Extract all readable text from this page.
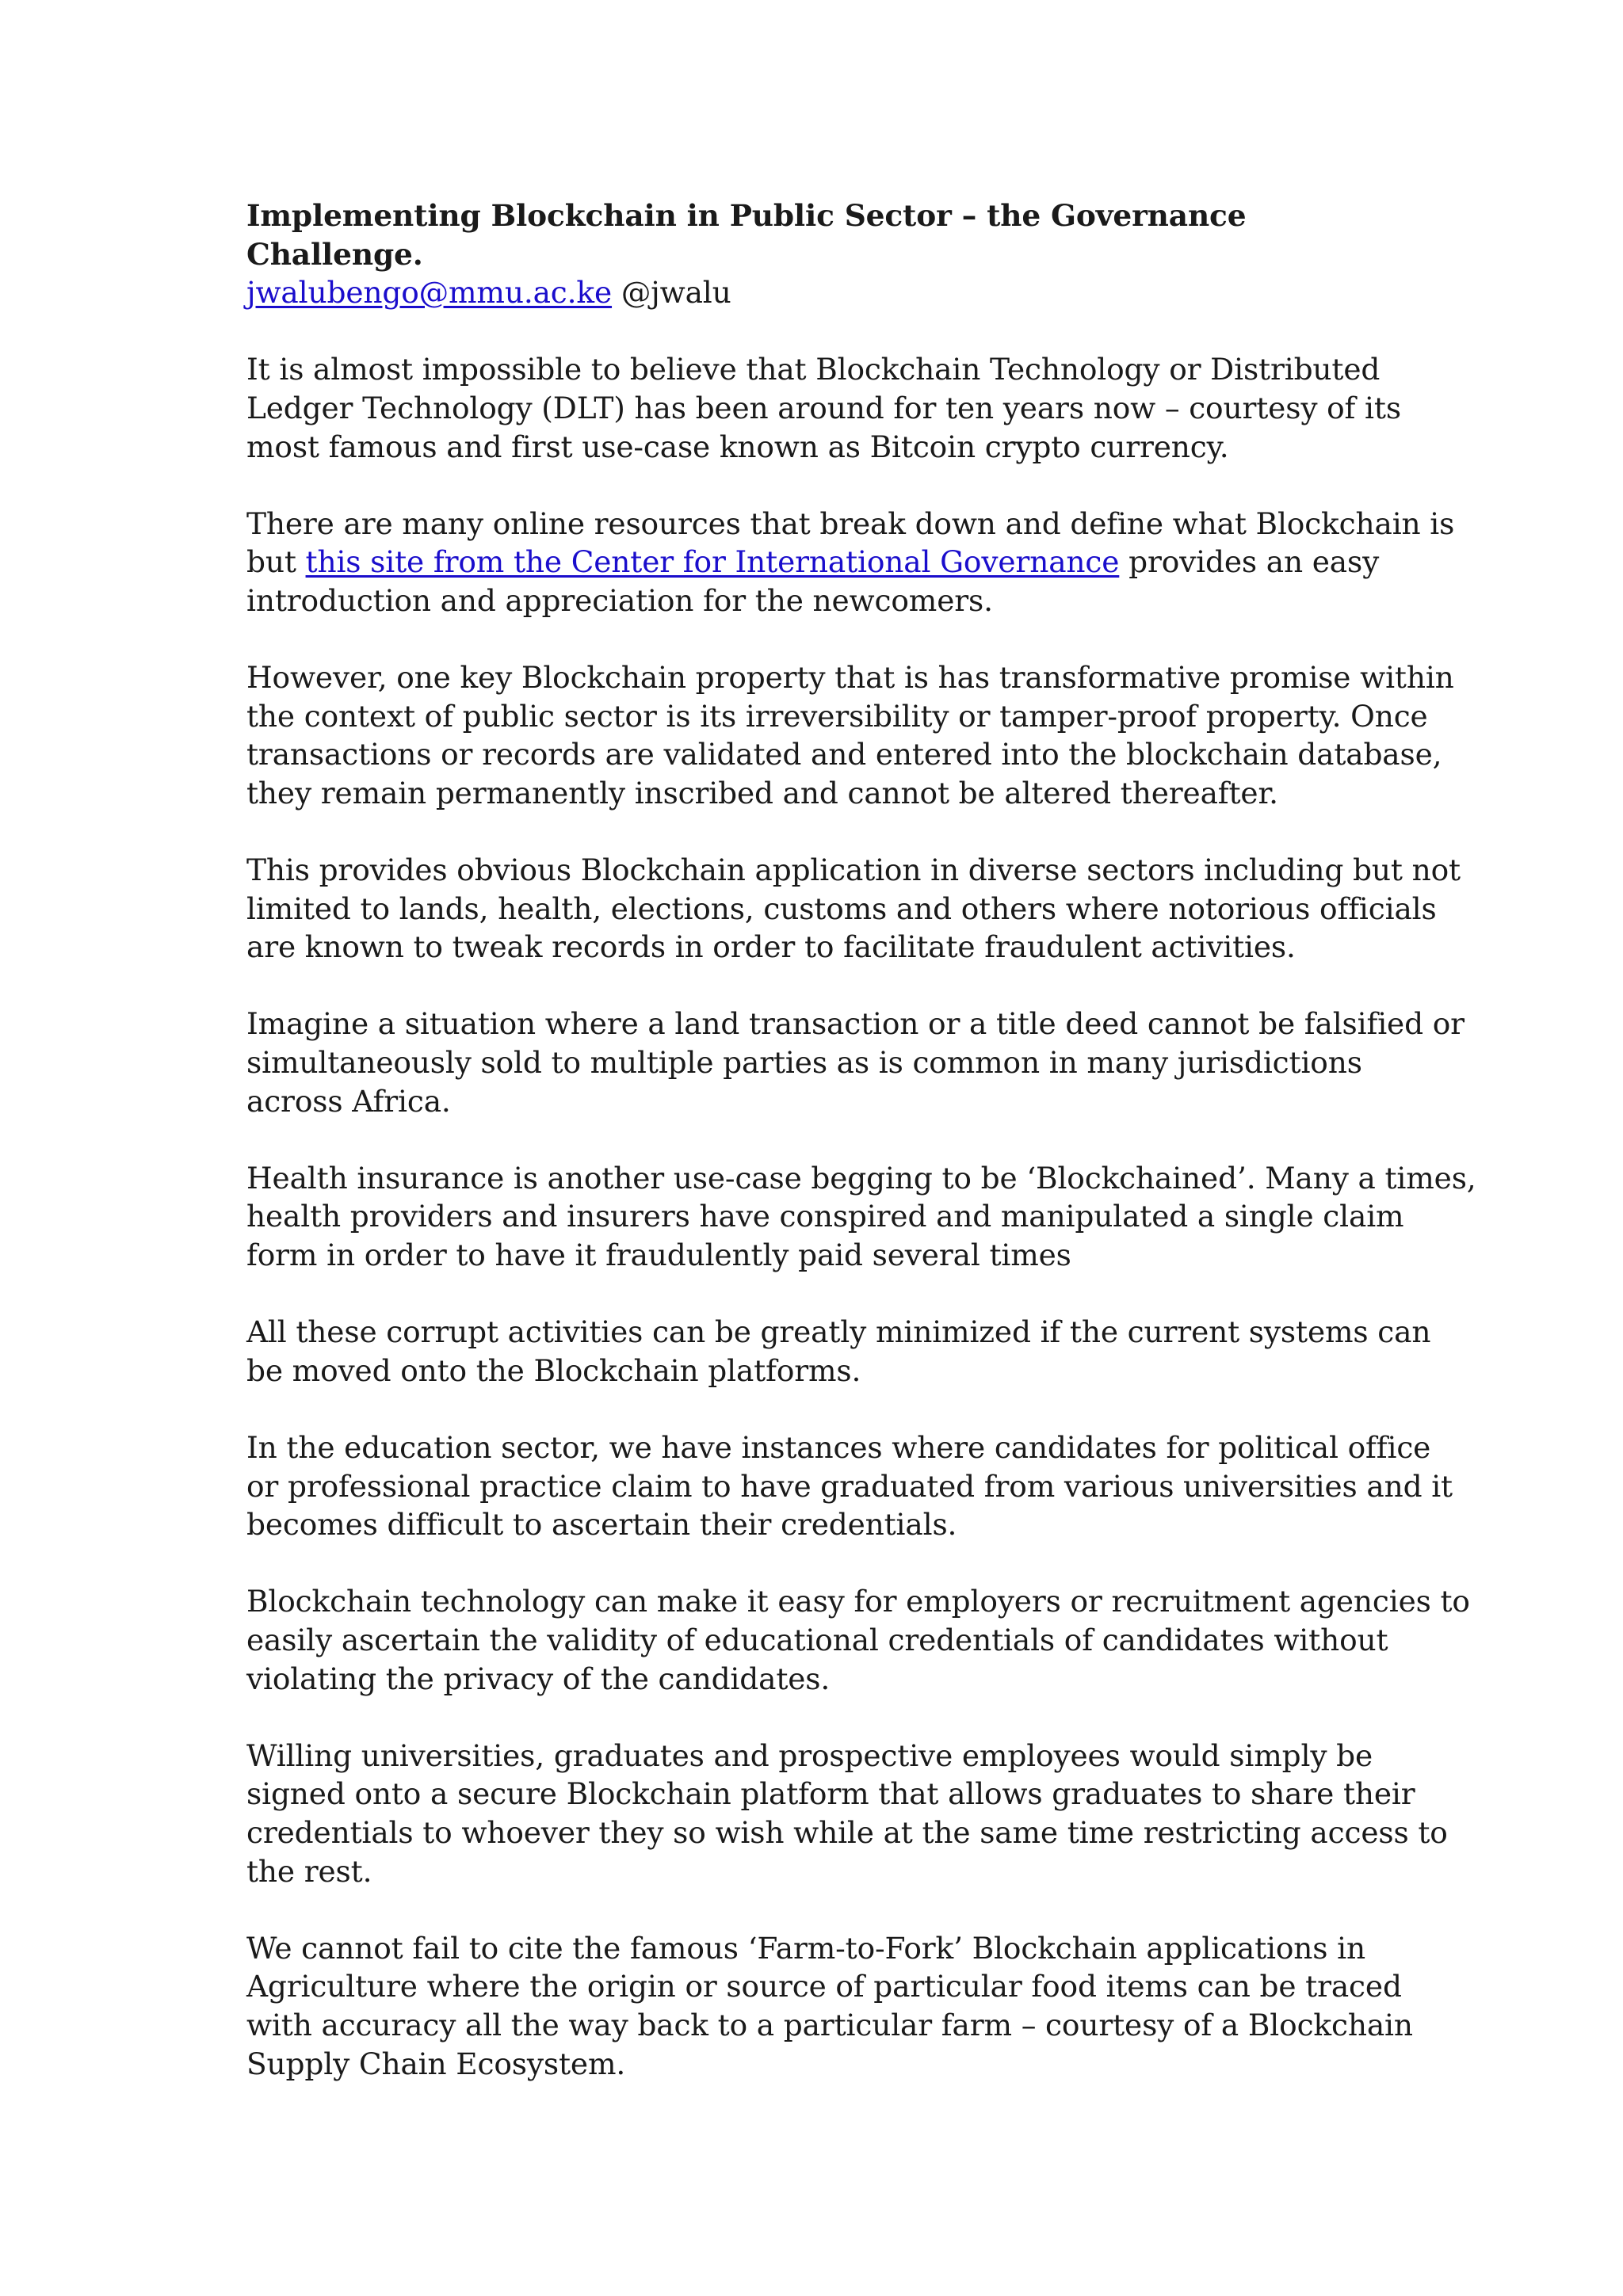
Implementing Blockchain in Public Sector – the Governance Challenge.

jwalubengo@mmu.ac.ke @jwalu

It is almost impossible to believe that Blockchain Technology or Distributed
Ledger Technology (DLT) has been around for ten years now – courtesy of its
most famous and first use-case known as Bitcoin crypto currency.

There are many online resources that break down and define what Blockchain is
but this site from the Center for International Governance provides an easy
introduction and appreciation for the newcomers.

However, one key Blockchain property that is has transformative promise within
the context of public sector is its irreversibility or tamper-proof property. Once
transactions or records are validated and entered into the blockchain database,
they remain permanently inscribed and cannot be altered thereafter.

This provides obvious Blockchain application in diverse sectors including but not
limited to lands, health, elections, customs and others where notorious officials
are known to tweak records in order to facilitate fraudulent activities.

Imagine a situation where a land transaction or a title deed cannot be falsified or
simultaneously sold to multiple parties as is common in many jurisdictions
across Africa.

Health insurance is another use-case begging to be ‘Blockchained’. Many a times,
health providers and insurers have conspired and manipulated a single claim
form in order to have it fraudulently paid several times

All these corrupt activities can be greatly minimized if the current systems can
be moved onto the Blockchain platforms.

In the education sector, we have instances where candidates for political office
or professional practice claim to have graduated from various universities and it
becomes difficult to ascertain their credentials.

Blockchain technology can make it easy for employers or recruitment agencies to
easily ascertain the validity of educational credentials of candidates without
violating the privacy of the candidates.

Willing universities, graduates and prospective employees would simply be
signed onto a secure Blockchain platform that allows graduates to share their
credentials to whoever they so wish while at the same time restricting access to
the rest.

We cannot fail to cite the famous ‘Farm-to-Fork’ Blockchain applications in
Agriculture where the origin or source of particular food items can be traced
with accuracy all the way back to a particular farm – courtesy of a Blockchain
Supply Chain Ecosystem.
